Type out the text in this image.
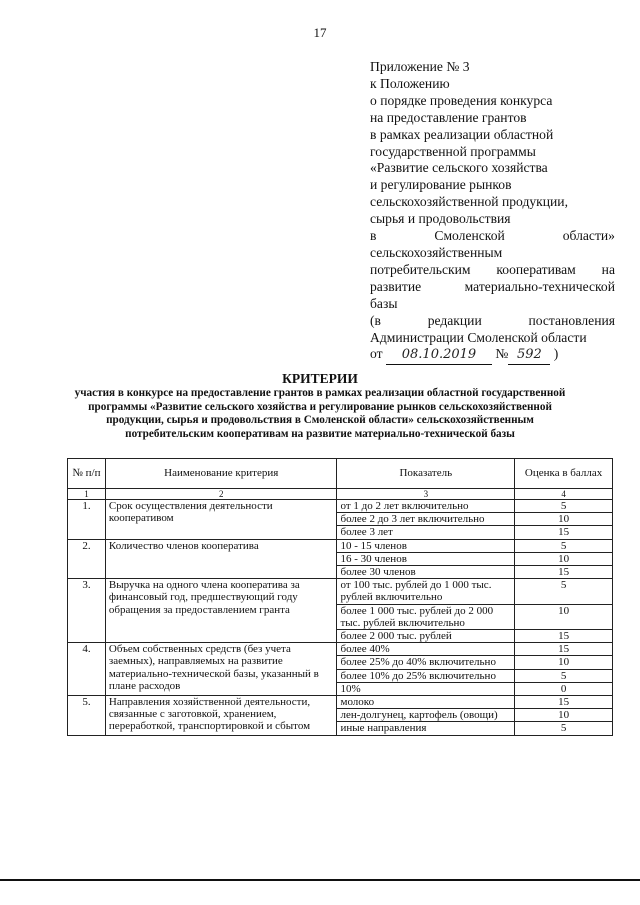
17
Приложение № 3
к Положению
о порядке проведения конкурса
на предоставление грантов
в рамках реализации областной
государственной программы
«Развитие сельского хозяйства
и регулирование рынков
сельскохозяйственной продукции,
сырья и продовольствия
в	Смоленской	области»
сельскохозяйственным
потребительским кооперативам на
развитие	материально-технической
базы
(в	редакции	постановления
Администрации Смоленской области
от 08.10.2019 № 592 )
КРИТЕРИИ
участия в конкурсе на предоставление грантов в рамках реализации областной государственной программы «Развитие сельского хозяйства и регулирование рынков сельскохозяйственной продукции, сырья и продовольствия в Смоленской области» сельскохозяйственным потребительским кооперативам на развитие материально-технической базы
№ п/п	Наименование критерия	Показатель	Оценка в баллах
1	2	3	4
1.	Срок осуществления деятельности кооперативом	от 1 до 2 лет включительно	5
		более 2 до 3 лет включительно	10
		более 3 лет	15
2.	Количество членов кооператива	10 - 15 членов	5
		16 - 30 членов	10
		более 30 членов	15
3.	Выручка на одного члена кооператива за финансовый год, предшествующий году обращения за предоставлением гранта	от 100 тыс. рублей до 1 000 тыс. рублей включительно	5
		более 1 000 тыс. рублей до 2 000 тыс. рублей включительно	10
		более 2 000 тыс. рублей	15
4.	Объем собственных средств (без учета заемных), направляемых на развитие материально-технической базы, указанный в плане расходов	более 40%	15
		более 25% до 40% включительно	10
		более 10% до 25% включительно	5
		10%	0
5.	Направления хозяйственной деятельности, связанные с заготовкой, хранением, переработкой, транспортировкой и сбытом	молоко	15
		лен-долгунец, картофель (овощи)	10
		иные направления	5
